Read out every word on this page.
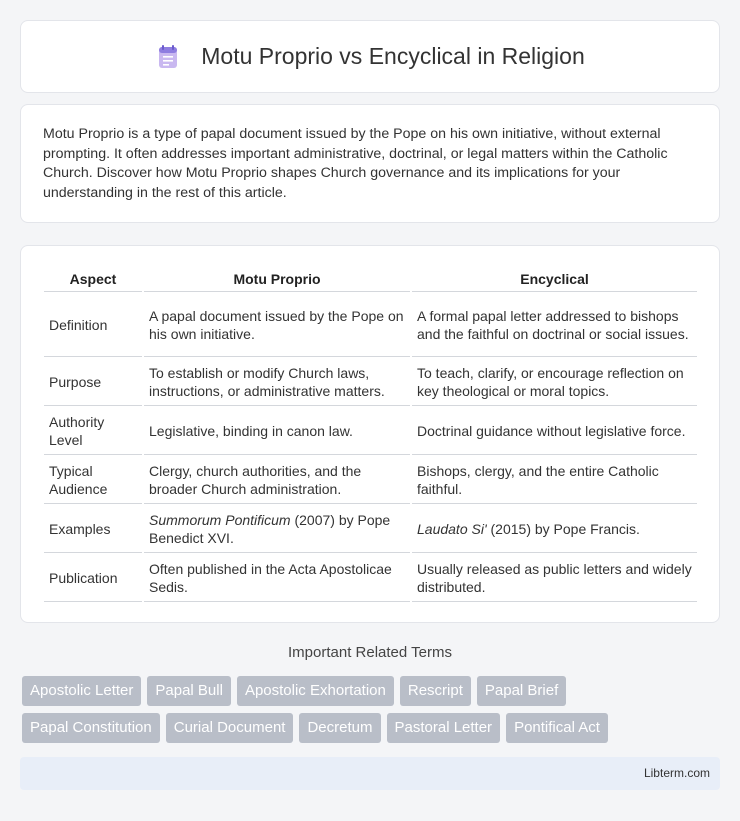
Motu Proprio vs Encyclical in Religion

Motu Proprio is a type of papal document issued by the Pope on his own initiative, without external prompting. It often addresses important administrative, doctrinal, or legal matters within the Catholic Church. Discover how Motu Proprio shapes Church governance and its implications for your understanding in the rest of this article.

Aspect	Motu Proprio	Encyclical
Definition	A papal document issued by the Pope on his own initiative.	A formal papal letter addressed to bishops and the faithful on doctrinal or social issues.
Purpose	To establish or modify Church laws, instructions, or administrative matters.	To teach, clarify, or encourage reflection on key theological or moral topics.
Authority Level	Legislative, binding in canon law.	Doctrinal guidance without legislative force.
Typical Audience	Clergy, church authorities, and the broader Church administration.	Bishops, clergy, and the entire Catholic faithful.
Examples	Summorum Pontificum (2007) by Pope Benedict XVI.	Laudato Si' (2015) by Pope Francis.
Publication	Often published in the Acta Apostolicae Sedis.	Usually released as public letters and widely distributed.
Important Related Terms
Apostolic Letter	Papal Bull	Apostolic Exhortation	Rescript	Papal Brief
Papal Constitution	Curial Document	Decretum	Pastoral Letter	Pontifical Act
Libterm.com
